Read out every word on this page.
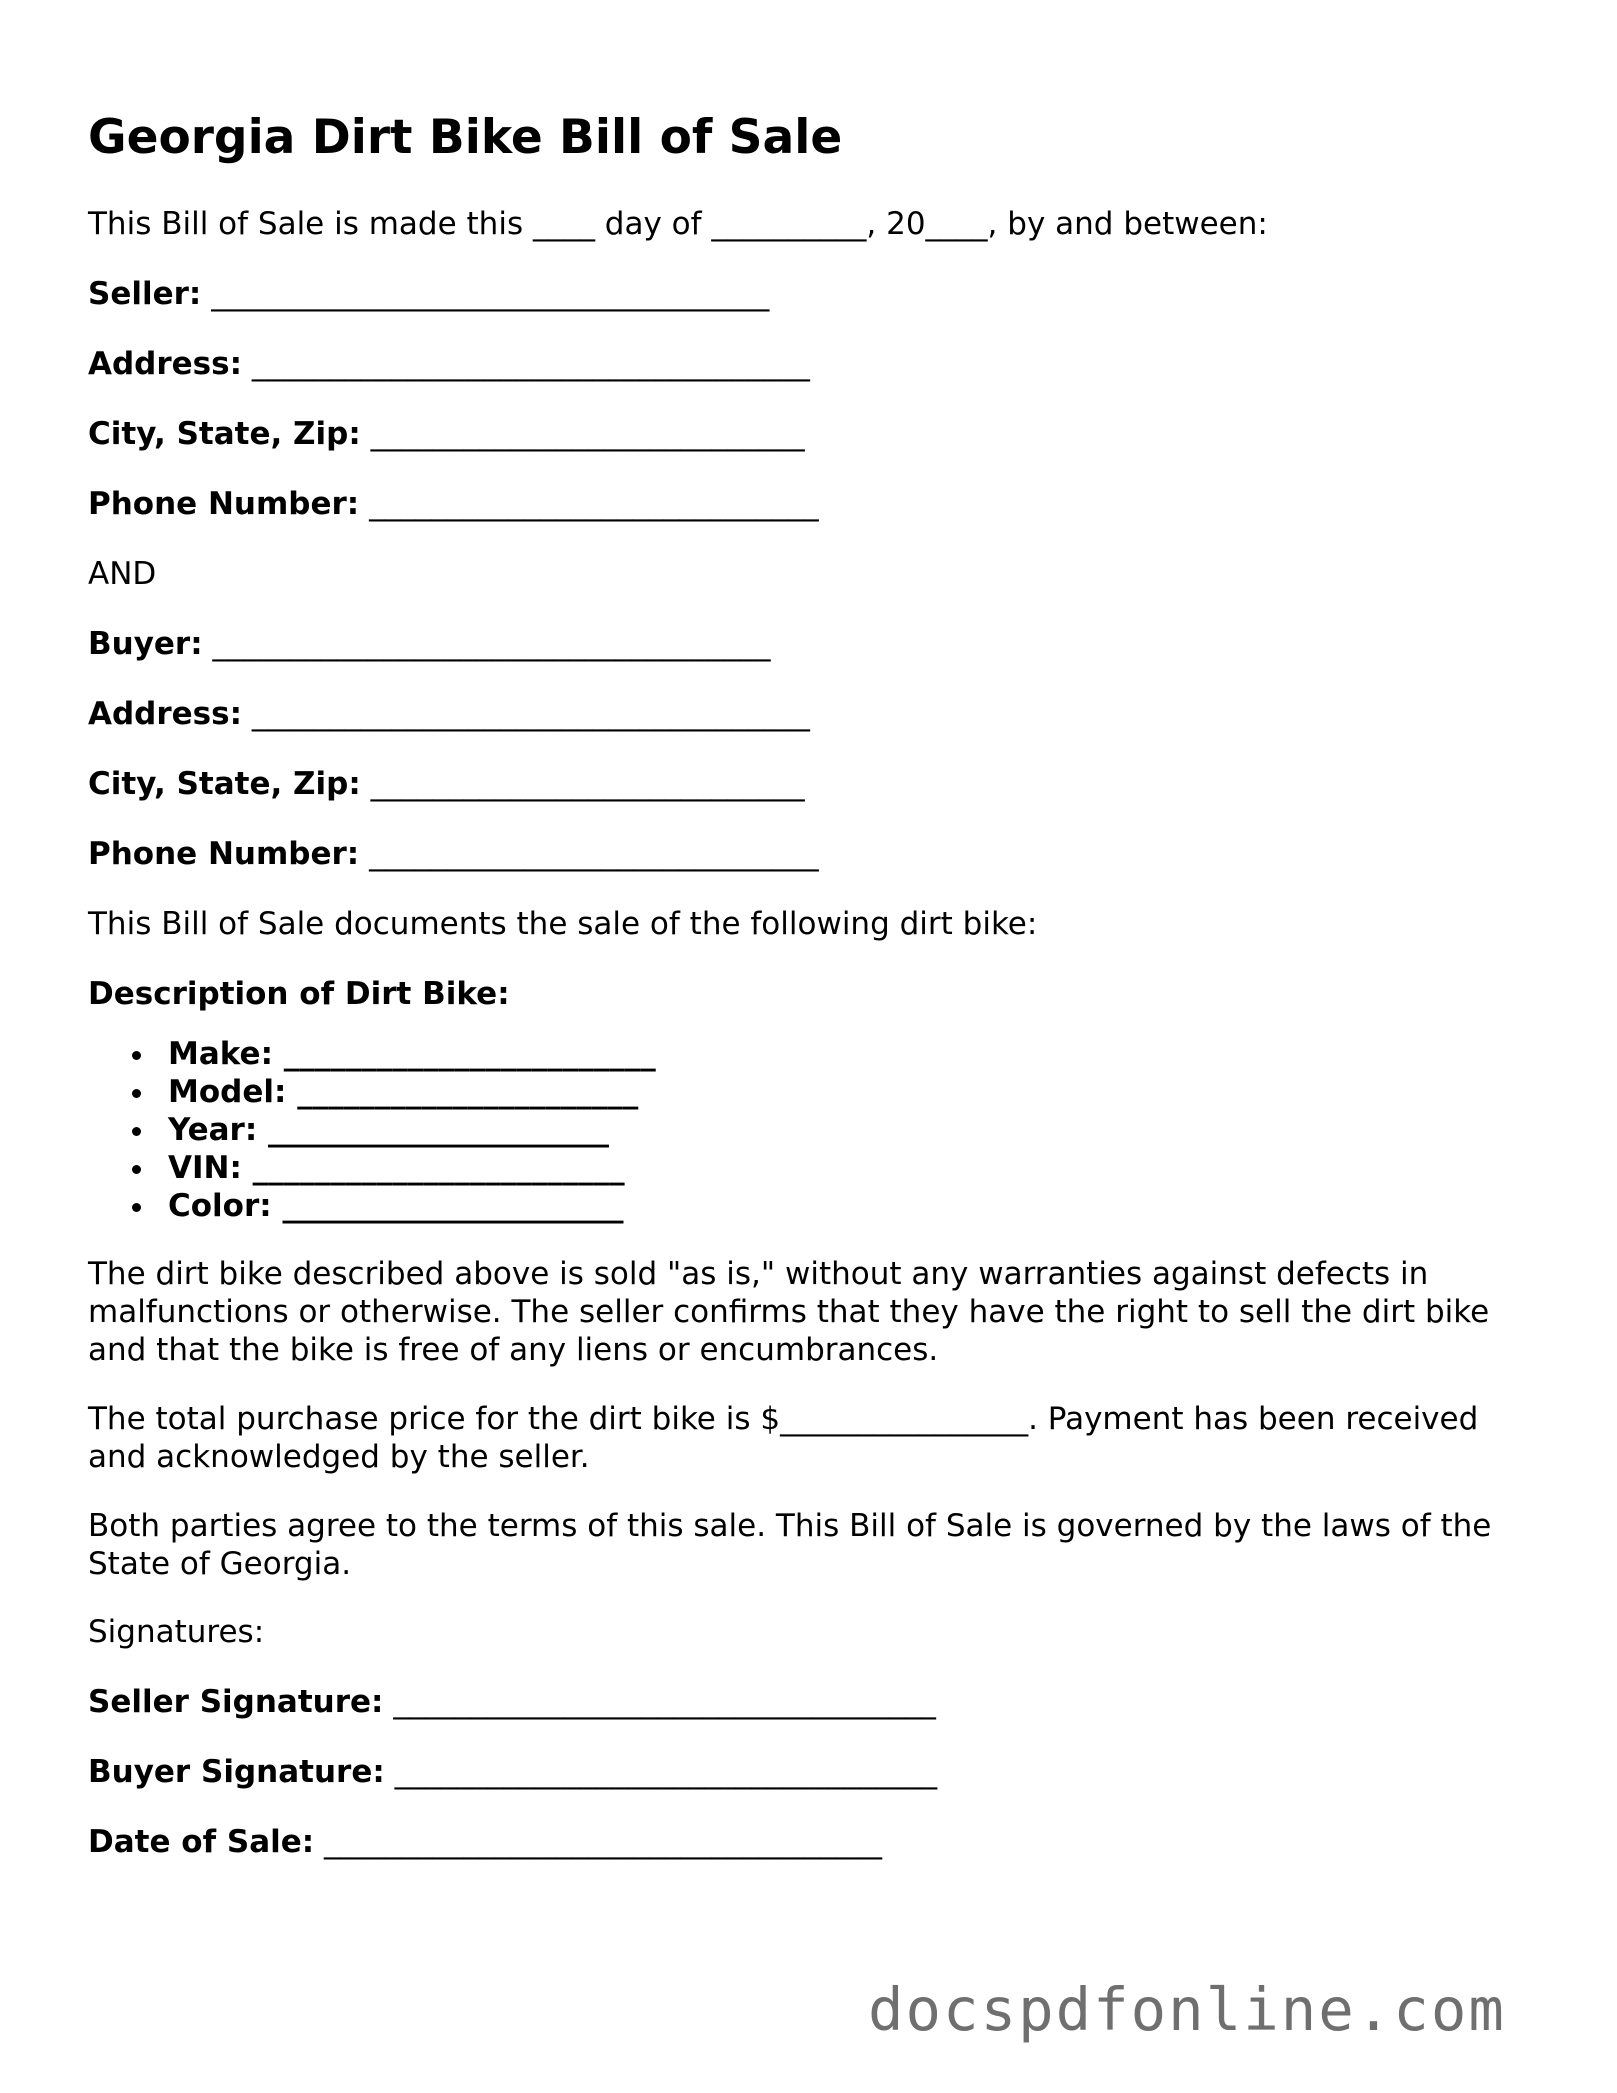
Georgia Dirt Bike Bill of Sale

This Bill of Sale is made this ____ day of __________, 20____, by and between:

Seller: ____________________________________

Address: ____________________________________

City, State, Zip: ____________________________

Phone Number: _____________________________

AND

Buyer: ____________________________________

Address: ____________________________________

City, State, Zip: ____________________________

Phone Number: _____________________________

This Bill of Sale documents the sale of the following dirt bike:

Description of Dirt Bike:

Make: ________________________
Model: ______________________
Year: ______________________
VIN: ________________________
Color: ______________________

The dirt bike described above is sold "as is," without any warranties against defects in
malfunctions or otherwise. The seller confirms that they have the right to sell the dirt bike
and that the bike is free of any liens or encumbrances.

The total purchase price for the dirt bike is $________________. Payment has been received
and acknowledged by the seller.

Both parties agree to the terms of this sale. This Bill of Sale is governed by the laws of the
State of Georgia.

Signatures:

Seller Signature: ___________________________________

Buyer Signature: ___________________________________

Date of Sale: ____________________________________

docspdfonline.com
